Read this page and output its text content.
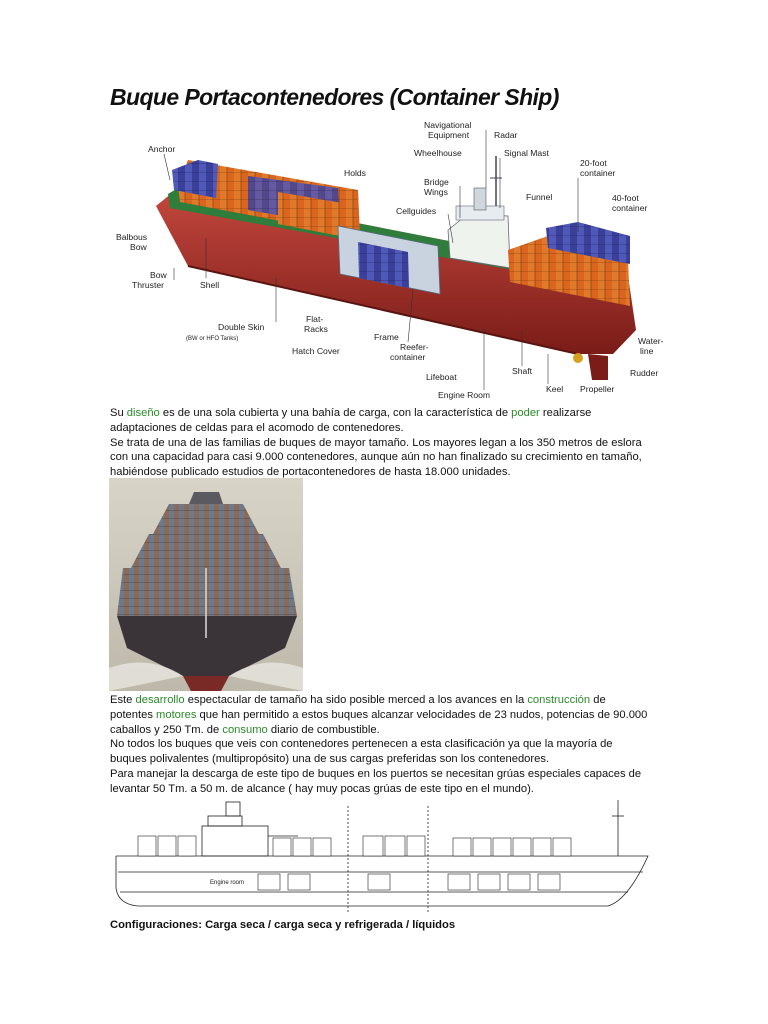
Buque Portacontenedores (Container Ship)
Anchor
Navigational
Equipment	Radar
Wheelhouse	Signal Mast
Holds
Bridge
Wings	Funnel
20-foot
container
40-foot
container
Cellguides
Balbous
Bow
Bow
Thruster	Shell
Flat-
Racks
Double Skin
(BW or HFO Tanks)	Frame
Reefer-
container
Hatch Cover
Lifeboat
Shaft
Water-
line
Rudder
Keel Propeller
Engine Room

Su diseño es de una sola cubierta y una bahía de carga, con la característica de poder realizarse adaptaciones de celdas para el acomodo de contenedores.

Se trata de una de las familias de buques de mayor tamaño. Los mayores legan a los 350 metros de eslora con una capacidad para casi 9.000 contenedores, aunque aún no han finalizado su crecimiento en tamaño, habiéndose publicado estudios de portacontenedores de hasta 18.000 unidades.

Este desarrollo espectacular de tamaño ha sido posible merced a los avances en la construcción de potentes motores que han permitido a estos buques alcanzar velocidades de 23 nudos, potencias de 90.000 caballos y 250 Tm. de consumo diario de combustible.

No todos los buques que veis con contenedores pertenecen a esta clasificación ya que la mayoría de buques polivalentes (multipropósito) una de sus cargas preferidas son los contenedores.

Para manejar la descarga de este tipo de buques en los puertos se necesitan grúas especiales capaces de levantar 50 Tm. a 50 m. de alcance ( hay muy pocas grúas de este tipo en el mundo).

Engine room

Configuraciones: Carga seca / carga seca y refrigerada / líquidos
